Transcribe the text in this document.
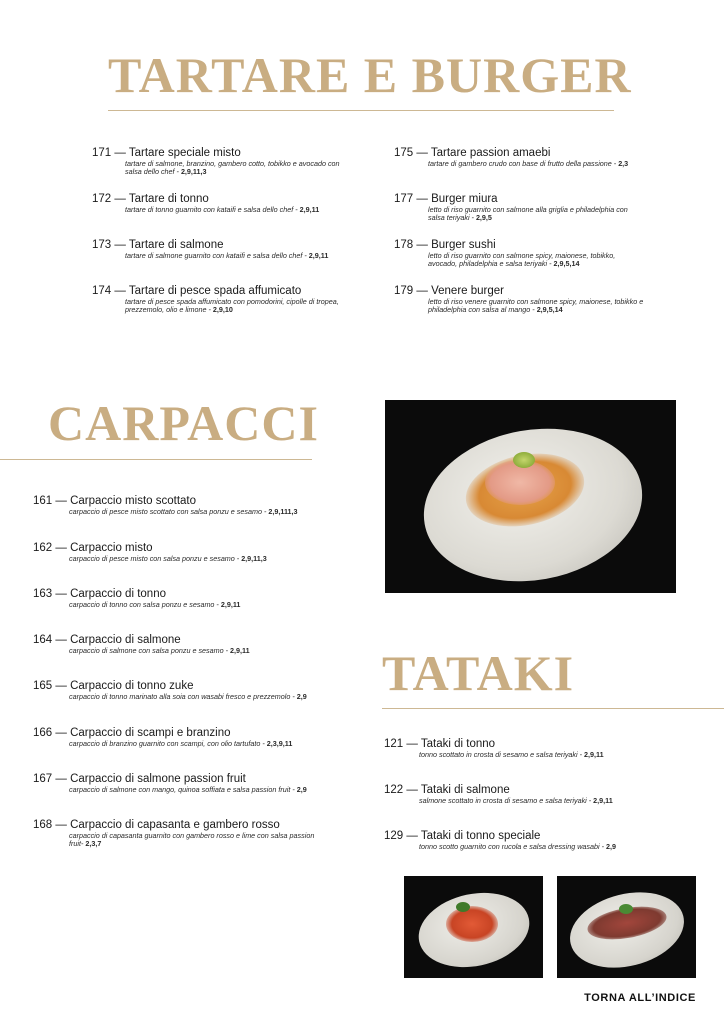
TARTARE E BURGER
171 — Tartare speciale misto
tartare di salmone, branzino, gambero cotto, tobikko e avocado con salsa dello chef - 2,9,11,3
172 — Tartare di tonno
tartare di tonno guarnito con kataifi e salsa dello chef - 2,9,11
173 — Tartare di salmone
tartare di salmone guarnito con kataifi e salsa dello chef - 2,9,11
174 — Tartare di pesce spada affumicato
tartare di pesce spada affumicato con pomodorini, cipolle di tropea, prezzemolo, olio e limone - 2,9,10
175 — Tartare passion amaebi
tartare di gambero crudo con base di frutto della passione - 2,3
177 — Burger miura
letto di riso guarnito con salmone alla griglia e philadelphia con salsa teriyaki - 2,9,5
178 — Burger sushi
letto di riso guarnito con salmone spicy, maionese, tobikko, avocado, philadelphia e salsa teriyaki - 2,9,5,14
179 — Venere burger
letto di riso venere guarnito con salmone spicy, maionese, tobikko e philadelphia con salsa al mango - 2,9,5,14
CARPACCI
161 — Carpaccio misto scottato
carpaccio di pesce misto scottato con salsa ponzu e sesamo - 2,9,111,3
162 — Carpaccio misto
carpaccio di pesce misto con salsa ponzu e sesamo - 2,9,11,3
163 — Carpaccio di tonno
carpaccio di tonno con salsa ponzu e sesamo - 2,9,11
164 — Carpaccio di salmone
carpaccio di salmone con salsa ponzu e sesamo - 2,9,11
165 — Carpaccio di tonno zuke
carpaccio di tonno marinato alla soia con wasabi fresco e prezzemolo - 2,9
166 — Carpaccio di scampi e branzino
carpaccio di branzino guarnito con scampi, con olio tartufato - 2,3,9,11
167 — Carpaccio di salmone passion fruit
carpaccio di salmone con mango, quinoa soffiata e salsa passion fruit - 2,9
168 — Carpaccio di capasanta e gambero rosso
carpaccio di capasanta guarnito con gambero rosso e lime con salsa passion fruit- 2,3,7
TATAKI
121 — Tataki di tonno
tonno scottato in crosta di sesamo e salsa teriyaki - 2,9,11
122 — Tataki di salmone
salmone scottato in crosta di sesamo e salsa teriyaki - 2,9,11
129 — Tataki di tonno speciale
tonno scotto guarnito con rucola e salsa dressing wasabi - 2,9
TORNA ALL’INDICE
